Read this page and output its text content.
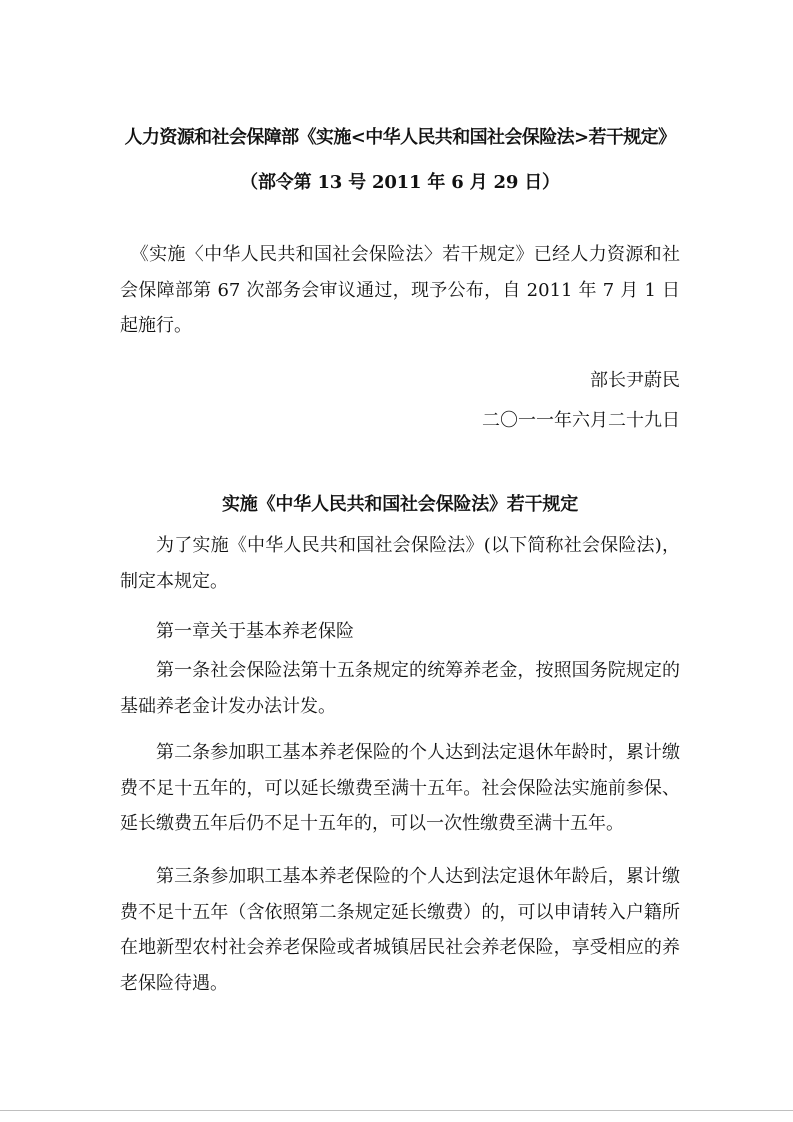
人力资源和社会保障部《实施<中华人民共和国社会保险法>若干规定》
（部令第 13 号 2011 年 6 月 29 日）

《实施〈中华人民共和国社会保险法〉若干规定》已经人力资源和社会保障部第 67 次部务会审议通过，现予公布，自 2011 年 7 月 1 日起施行。

部长尹蔚民
二〇一一年六月二十九日
实施《中华人民共和国社会保险法》若干规定

为了实施《中华人民共和国社会保险法》(以下简称社会保险法)，制定本规定。

第一章关于基本养老保险

第一条社会保险法第十五条规定的统筹养老金，按照国务院规定的基础养老金计发办法计发。

第二条参加职工基本养老保险的个人达到法定退休年龄时，累计缴费不足十五年的，可以延长缴费至满十五年。社会保险法实施前参保、延长缴费五年后仍不足十五年的，可以一次性缴费至满十五年。

第三条参加职工基本养老保险的个人达到法定退休年龄后，累计缴费不足十五年（含依照第二条规定延长缴费）的，可以申请转入户籍所在地新型农村社会养老保险或者城镇居民社会养老保险，享受相应的养老保险待遇。
